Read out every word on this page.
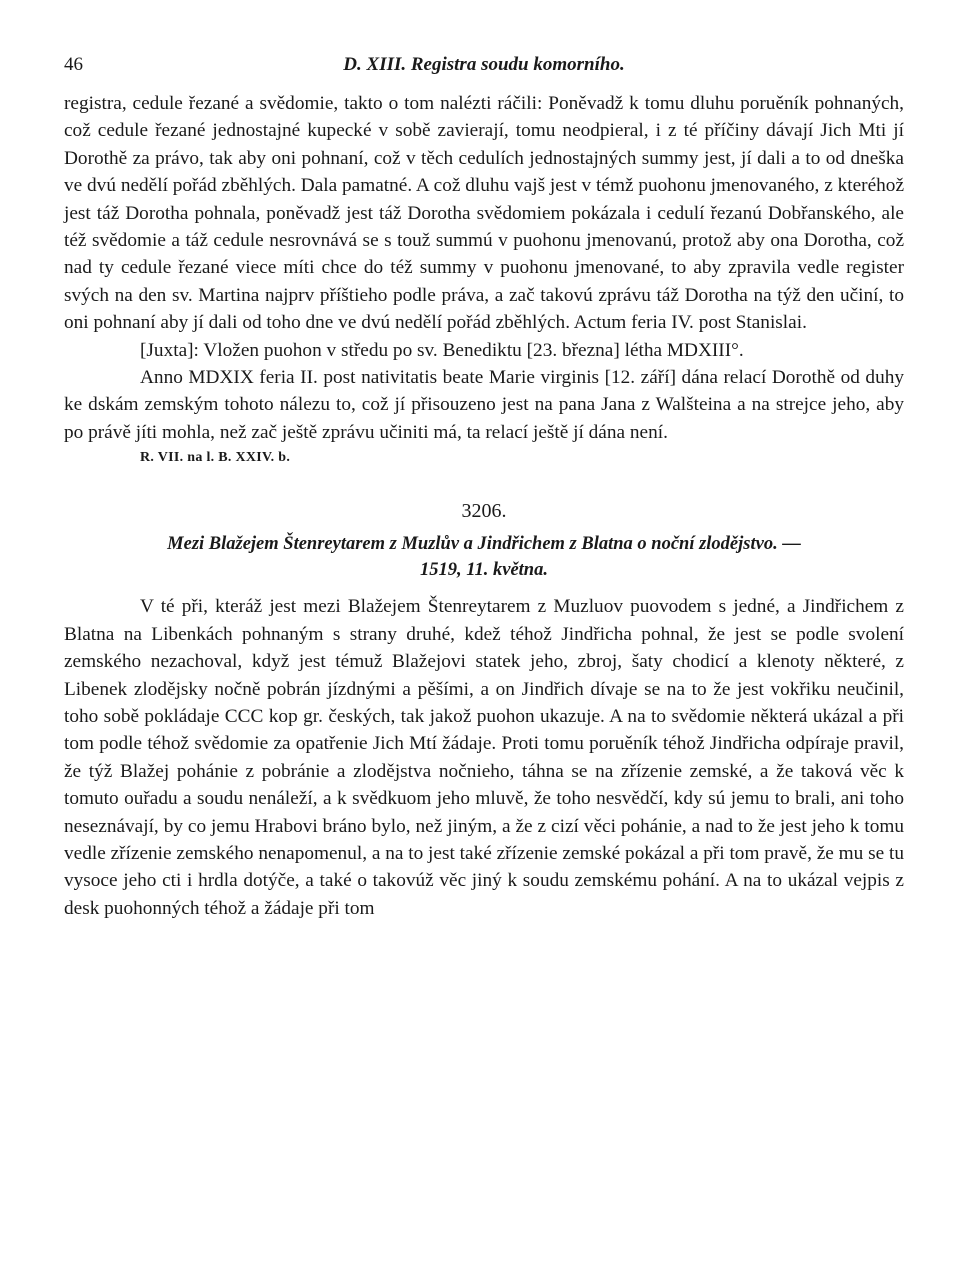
46	D. XIII. Registra soudu komorního.

registra, cedule řezané a svědomie, takto o tom nalézti ráčili: Poněvadž k tomu dluhu poruěník pohnaných, což cedule řezané jednostajné kupecké v sobě zavierají, tomu neodpieral, i z té příčiny dávají Jich Mti jí Dorothě za právo, tak aby oni pohnaní, což v těch cedulích jednostajných summy jest, jí dali a to od dneška ve dvú nedělí pořád zběhlých. Dala pamatné. A což dluhu vajš jest v témž puohonu jmenovaného, z kteréhož jest táž Dorotha pohnala, poněvadž jest táž Dorotha svědomiem pokázala i cedulí řezanú Dobřanského, ale též svědomie a táž cedule nesrovnává se s touž summú v puohonu jmenovanú, protož aby ona Dorotha, což nad ty cedule řezané viece míti chce do též summy v puohonu jmenované, to aby zpravila vedle register svých na den sv. Martina najprv příštieho podle práva, a zač takovú zprávu táž Dorotha na týž den učiní, to oni pohnaní aby jí dali od toho dne ve dvú nedělí pořád zběhlých. Actum feria IV. post Stanislai.

[Juxta]: Vložen puohon v středu po sv. Benediktu [23. března] létha MDXIII°.

Anno MDXIX feria II. post nativitatis beate Marie virginis [12. září] dána relací Dorothě od duhy ke dskám zemským tohoto nálezu to, což jí přisouzeno jest na pana Jana z Walšteina a na strejce jeho, aby po právě jíti mohla, než zač ještě zprávu učiniti má, ta relací ještě jí dána není.

R. VII. na l. B. XXIV. b.
3206.
Mezi Blažejem Štenreytarem z Muzlův a Jindřichem z Blatna o noční zlodějstvo. —
1519, 11. května.

V té při, kteráž jest mezi Blažejem Štenreytarem z Muzluov puovodem s jedné, a Jindřichem z Blatna na Libenkách pohnaným s strany druhé, kdež téhož Jindřicha pohnal, že jest se podle svolení zemského nezachoval, když jest témuž Blažejovi statek jeho, zbroj, šaty chodicí a klenoty některé, z Libenek zlodějsky nočně pobrán jízdnými a pěšími, a on Jindřich dívaje se na to že jest vokřiku neučinil, toho sobě pokládaje CCC kop gr. českých, tak jakož puohon ukazuje. A na to svědomie některá ukázal a při tom podle téhož svědomie za opatřenie Jich Mtí žádaje. Proti tomu poruěník téhož Jindřicha odpíraje pravil, že týž Blažej pohánie z pobránie a zlodějstva nočnieho, táhna se na zřízenie zemské, a že taková věc k tomuto ouřadu a soudu nenáleží, a k svědkuom jeho mluvě, že toho nesvědčí, kdy sú jemu to brali, ani toho neseznávají, by co jemu Hrabovi bráno bylo, než jiným, a že z cizí věci pohánie, a nad to že jest jeho k tomu vedle zřízenie zemského nenapomenul, a na to jest také zřízenie zemské pokázal a při tom pravě, že mu se tu vysoce jeho cti i hrdla dotýče, a také o takovúž věc jiný k soudu zemskému pohání. A na to ukázal vejpis z desk puohonných téhož a žádaje při tom
